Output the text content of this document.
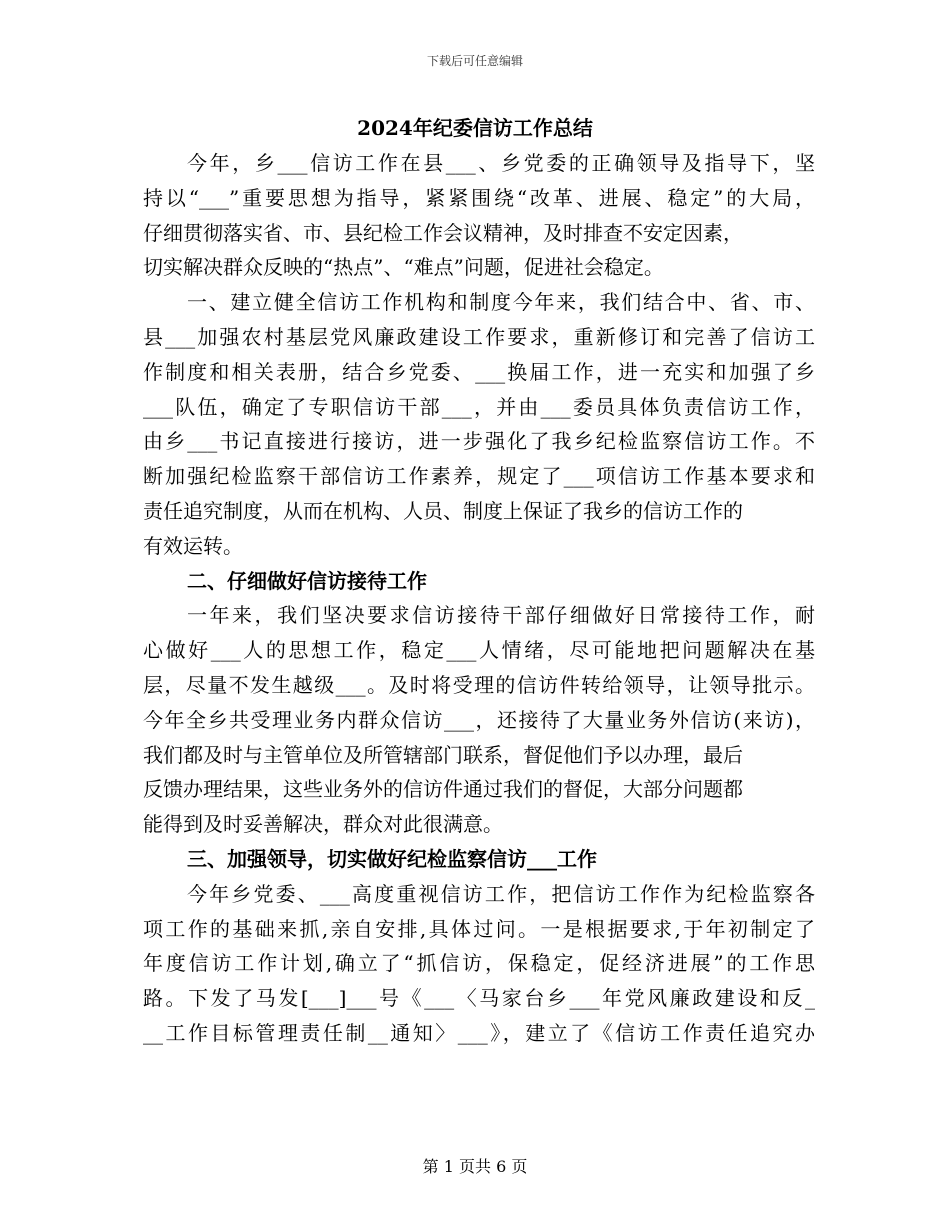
下载后可任意编辑
2024年纪委信访工作总结
今年，乡___信访工作在县___、乡党委的正确领导及指导下，坚
持以“___”重要思想为指导，紧紧围绕“改革、进展、稳定”的大局，
仔细贯彻落实省、市、县纪检工作会议精神，及时排查不安定因素，
切实解决群众反映的“热点”、“难点”问题，促进社会稳定。
一、建立健全信访工作机构和制度今年来，我们结合中、省、市、
县___加强农村基层党风廉政建设工作要求，重新修订和完善了信访工
作制度和相关表册，结合乡党委、___换届工作，进一充实和加强了乡
___队伍，确定了专职信访干部___，并由___委员具体负责信访工作，
由乡___书记直接进行接访，进一步强化了我乡纪检监察信访工作。不
断加强纪检监察干部信访工作素养，规定了___项信访工作基本要求和
责任追究制度，从而在机构、人员、制度上保证了我乡的信访工作的
有效运转。
二、仔细做好信访接待工作
一年来，我们坚决要求信访接待干部仔细做好日常接待工作，耐
心做好___人的思想工作，稳定___人情绪，尽可能地把问题解决在基
层，尽量不发生越级___。及时将受理的信访件转给领导，让领导批示。
今年全乡共受理业务内群众信访___，还接待了大量业务外信访(来访)，
我们都及时与主管单位及所管辖部门联系，督促他们予以办理，最后
反馈办理结果，这些业务外的信访件通过我们的督促，大部分问题都
能得到及时妥善解决，群众对此很满意。
三、加强领导，切实做好纪检监察信访___工作
今年乡党委、___高度重视信访工作，把信访工作作为纪检监察各
项工作的基础来抓,亲自安排,具体过问。一是根据要求,于年初制定了
年度信访工作计划,确立了“抓信访，保稳定，促经济进展”的工作思
路。下发了马发[___]___号《___〈马家台乡___年党风廉政建设和反_
__工作目标管理责任制__通知〉___》，建立了《信访工作责任追究办
第 1 页共 6 页
